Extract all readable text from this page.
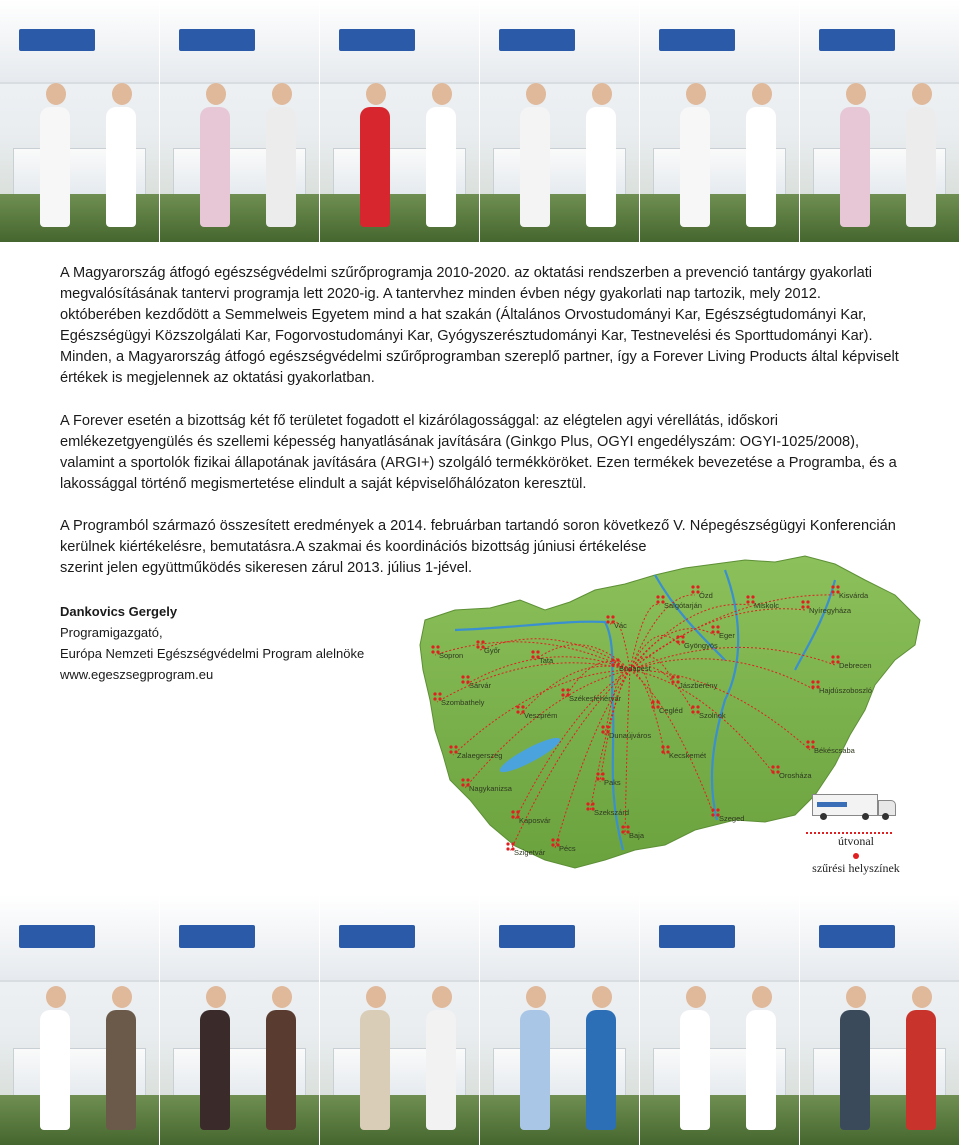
A Magyarország átfogó egészségvédelmi szűrőprogramja 2010-2020. az oktatási rendszerben a prevenció tantárgy gyakorlati megvalósításának tantervi programja lett 2020-ig. A tantervhez minden évben négy gyakorlati nap tartozik, mely 2012. októberében kezdődött a Semmelweis Egyetem mind a hat szakán (Általános Orvostudományi Kar, Egészségtudományi Kar, Egészségügyi Közszolgálati Kar, Fogorvostudományi Kar, Gyógyszerésztudományi Kar, Testnevelési és Sporttudományi Kar). Minden, a Magyarország átfogó egészségvédelmi szűrőprogramban szereplő partner, így a Forever Living Products által képviselt értékek is megjelennek az oktatási gyakorlatban.

A Forever esetén a bizottság két fő területet fogadott el kizárólagossággal: az elégtelen agyi vérellátás, időskori emlékezetgyengülés és szellemi képesség hanyatlásának javítására (Ginkgo Plus, OGYI engedélyszám: OGYI-1025/2008), valamint a sportolók fizikai állapotának javítására (ARGI+) szolgáló termékköröket. Ezen termékek bevezetése a Programba, és a lakossággal történő megismertetése elindult a saját képviselőhálózaton keresztül.

A Programból származó összesített eredmények a 2014. februárban tartandó soron következő V. Népegészségügyi Konferencián kerülnek kiértékelésre, bemutatásra.A szakmai és koordinációs bizottság júniusi értékelése

szerint jelen együttműködés sikeresen zárul 2013. július 1-jével.

Dankovics Gergely
Programigazgató,
Európa Nemzeti Egészségvédelmi Program alelnöke
www.egeszsegprogram.eu
Miskolc
Nyíregyháza
Kisvárda
Sopron
Győr
Vác
Salgótarján
Tata
Budapest
Szombathely	Székesfehérvár
Veszprém
Zalaegerszeg
Sárvár
Nagykanizsa
Kaposvár
Szigetvár Pécs
Szekszárd
Paks
Kecskemét
Szolnok
Debrecen
Hajdúszoboszló
Békéscsaba
Orosháza
Szeged
Cegléd
Eger
Gyöngyös
Ózd
Dunaújváros
Baja
Jászberény
útvonal
szűrési helyszínek
